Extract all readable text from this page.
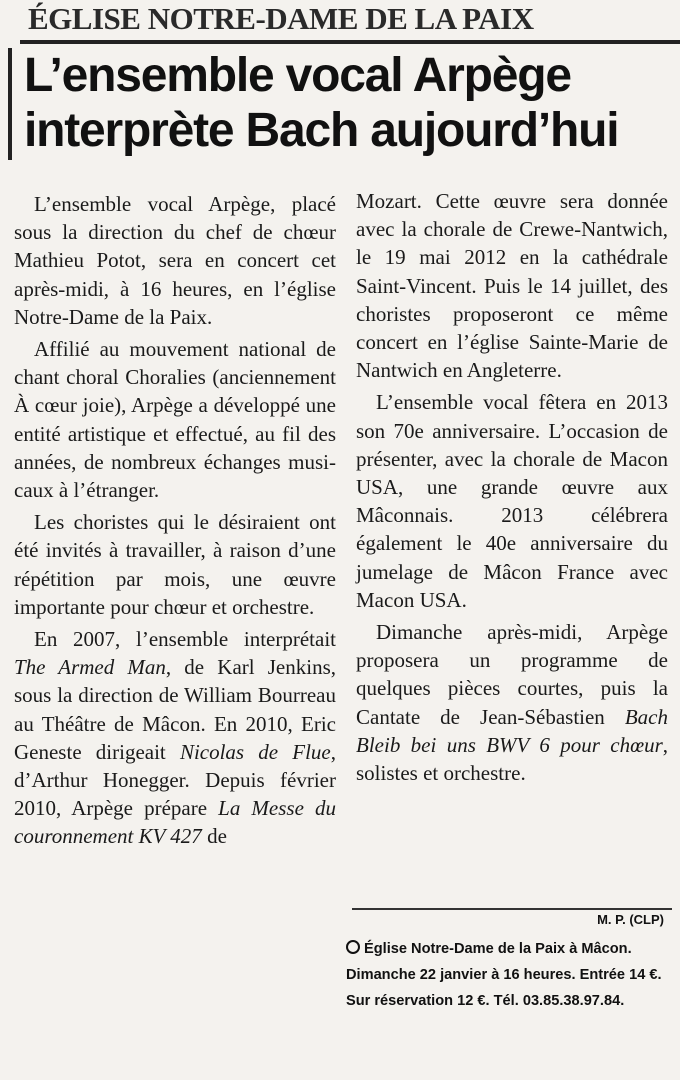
ÉGLISE NOTRE-DAME DE LA PAIX
L’ensemble vocal Arpège
interprète Bach aujourd’hui

L’ensemble vocal Arpège, placé sous la direction du chef de chœur Mathieu Potot, sera en concert cet après-midi, à 16 heures, en l’église Notre-Dame de la Paix.

Affilié au mouvement national de chant choral Choralies (anciennement À cœur joie), Arpège a développé une entité artistique et effectué, au fil des années, de nombreux échanges musicaux à l’étranger.

Les choristes qui le désiraient ont été invités à travailler, à raison d’une répétition par mois, une œuvre importante pour chœur et orchestre.

En 2007, l’ensemble interprétait The Armed Man, de Karl Jenkins, sous la direction de William Bourreau au Théâtre de Mâcon. En 2010, Eric Geneste dirigeait Nicolas de Flue, d’Arthur Honegger. Depuis février 2010, Arpège prépare La Messe du couronnement KV 427 de

Mozart. Cette œuvre sera donnée avec la chorale de Crewe-Nantwich, le 19 mai 2012 en la cathédrale Saint-Vincent. Puis le 14 juillet, des choristes proposeront ce même concert en l’église Sainte-Marie de Nantwich en Angleterre.

L’ensemble vocal fêtera en 2013 son 70e anniversaire. L’occasion de présenter, avec la chorale de Macon USA, une grande œuvre aux Mâconnais. 2013 célébrera également le 40e anniversaire du jumelage de Mâcon France avec Macon USA.

Dimanche après-midi, Arpège proposera un programme de quelques pièces courtes, puis la Cantate de Jean-Sébastien Bach Bleib bei uns BWV 6 pour chœur, solistes et orchestre.

M. P. (CLP)
Église Notre-Dame de la Paix à Mâcon. Dimanche 22 janvier à 16 heures. Entrée 14 €. Sur réservation 12 €. Tél. 03.85.38.97.84.
